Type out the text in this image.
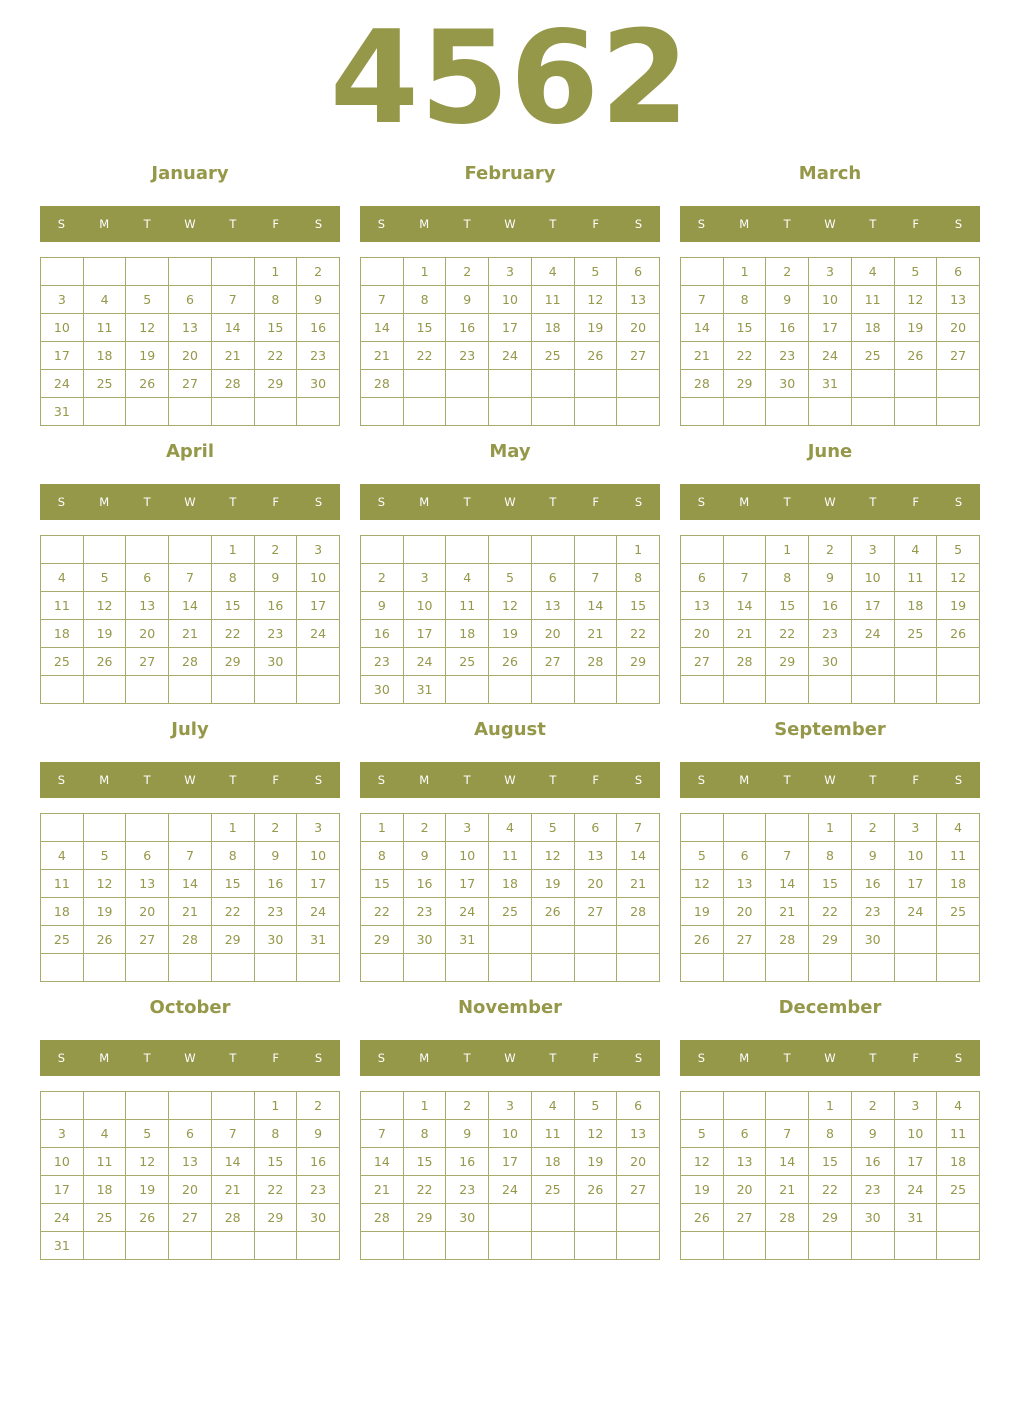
4562
January
S	M	T	W	T	F	S
					1	2
3	4	5	6	7	8	9
10	11	12	13	14	15	16
17	18	19	20	21	22	23
24	25	26	27	28	29	30
31						
February
S	M	T	W	T	F	S
	1	2	3	4	5	6
7	8	9	10	11	12	13
14	15	16	17	18	19	20
21	22	23	24	25	26	27
28						

March
S	M	T	W	T	F	S
	1	2	3	4	5	6
7	8	9	10	11	12	13
14	15	16	17	18	19	20
21	22	23	24	25	26	27
28	29	30	31			

April
S	M	T	W	T	F	S
				1	2	3
4	5	6	7	8	9	10
11	12	13	14	15	16	17
18	19	20	21	22	23	24
25	26	27	28	29	30	

May
S	M	T	W	T	F	S
						1
2	3	4	5	6	7	8
9	10	11	12	13	14	15
16	17	18	19	20	21	22
23	24	25	26	27	28	29
30	31					
June
S	M	T	W	T	F	S
		1	2	3	4	5
6	7	8	9	10	11	12
13	14	15	16	17	18	19
20	21	22	23	24	25	26
27	28	29	30			

July
S	M	T	W	T	F	S
				1	2	3
4	5	6	7	8	9	10
11	12	13	14	15	16	17
18	19	20	21	22	23	24
25	26	27	28	29	30	31

August
S	M	T	W	T	F	S
1	2	3	4	5	6	7
8	9	10	11	12	13	14
15	16	17	18	19	20	21
22	23	24	25	26	27	28
29	30	31				

September
S	M	T	W	T	F	S
			1	2	3	4
5	6	7	8	9	10	11
12	13	14	15	16	17	18
19	20	21	22	23	24	25
26	27	28	29	30		

October
S	M	T	W	T	F	S
					1	2
3	4	5	6	7	8	9
10	11	12	13	14	15	16
17	18	19	20	21	22	23
24	25	26	27	28	29	30
31						
November
S	M	T	W	T	F	S
	1	2	3	4	5	6
7	8	9	10	11	12	13
14	15	16	17	18	19	20
21	22	23	24	25	26	27
28	29	30				

December
S	M	T	W	T	F	S
			1	2	3	4
5	6	7	8	9	10	11
12	13	14	15	16	17	18
19	20	21	22	23	24	25
26	27	28	29	30	31	
